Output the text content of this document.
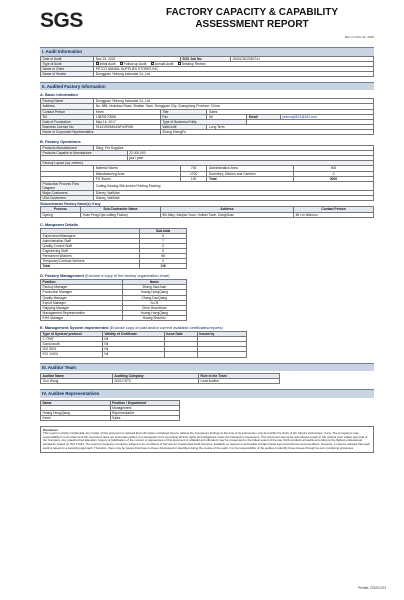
SGS	FACTORY CAPACITY & CAPABILITY
ASSESSMENT REPORT
Rev 1.0 Nov 01, 2018
I. Audit Information
Date of Audit	Dec 15, 2022	SGS Job No.	JSASCN22082741
Type of Audit	Initial Audit Follow-up Audit Annual Audit Desktop Review		
Name of Client	PETCO ANIMAL SUPPLIES STORES INC.		
Name of Vendor	Dongguan Yinhong Industrial Co.,Ltd.		
II. Audited Factory Information
A. Basic Information
Factory Name	Dongguan Yinhong Industrial Co.,Ltd.				
Address	No. 888, Huanbao Road, Shatian Town, Dongguan City, Guangdong Province, China				
Contact Person	Kevin	Title	Sales		
Tel	13829170068	Fax	Nil	Email	yinhong0813@163.com
Date of Foundation	May 16, 2017	Type of Business Entity			
Business License No.	91441900MA4WHL9R4B	Valid until	Long Term		
Name of Corporate Representative		Zhang ShengFu			
B. Factory Operations
Products Manufactured	Sling, Pet Supplies				
Products Capable to Manufacture		22,000,000			
		pcs / year			
Factory Layout (sq. meters)					
	Material Stores		700	Administration Area	500
	Manufacturing Area		1700	Dormitory, Kitchen and Canteen	0
	FG Stores		100	Total	3000
Production Process Flow Diagram	Cutting-Sewing-Silk-screen Printing-Packing				
Major Customers	Disney, WalMart				
USA Customers	Disney, WalMart				
Subcontractor Factory Name(s) if any
Process	Sub-Contractor Name	Address	Contact Person
Dyeing	Yuan Feng Dye-cutting Factory	9th Alley, Sanjiao Yuan, Huilian Town, DongGuan	Mr Lin Wanxun
C. Manpower Details
	Sub-total
Supervisors/Managers	5
Administration Staff	7
Quality Control Staff	2
Engineering Staff	6
Permanent Workers	96
Temporary/Contract Workers	0
Total	116
D. Factory Management (Enclose a copy of the factory organization chart)
Position	Name
Factory Manager	Zhang XiaoJuan
Production Manager	Huang HongQiang
Quality Manager	Chang DaoQiang
Export Manager	Su Si
Shipping Manager	Chen HuanHuan
Management Representative	Huang HongQiang
EHS Manager	Huang ShaoHui
E. Management System Implemented (Enclose copy of past and/or current available certificates/reports)
Type of System/ protocol	Validity of Certificate	Issue Date	Issued by
C-TPAT	Nil		
Social audit	Nil		
ISO 9001	Nil		
ISO 14001	Nil		
III. Auditor Team
Auditor Name	Auditing Company	Role in the Team
Tiun Wong	SGS-CSTC	Lead Auditor
IV. Auditee Representatives
Name	Position / Department
	Management
Huang HongQiang	Representative
Kevin	Sales
Disclaimer:
This report is strictly confidential. Any holder of this document is advised that information contained hereon reflects the Company's findings at the time of its intervention only and within the limits of the Client's instructions, if any. The Company's sole responsibility is to its Client and this document does not exonerate parties to a transaction from exercising all their rights and obligations under the transaction documents. This document cannot be reproduced except in full, without prior written approval of the Company. Any unauthorized alteration, forgery or falsification of the content or appearance of this document is unlawful and offenders may be prosecuted to the fullest extent of the law. SGS conducts all audits according to the highest professional standards, based on ISO 17021. The report is issued by Company subject to its Conditions of Service for Customized Audit Services, available on request or accessible at https://www.sgs.com/en/terms-and-conditions. However, it must be advised that each audit is based on a sampling approach. Therefore, there may be issues that have not been discovered or identified during the course of the audit. It is the responsibility of the auditee to identify those issues through its own monitoring processes.
Printed: 2022/12/23
